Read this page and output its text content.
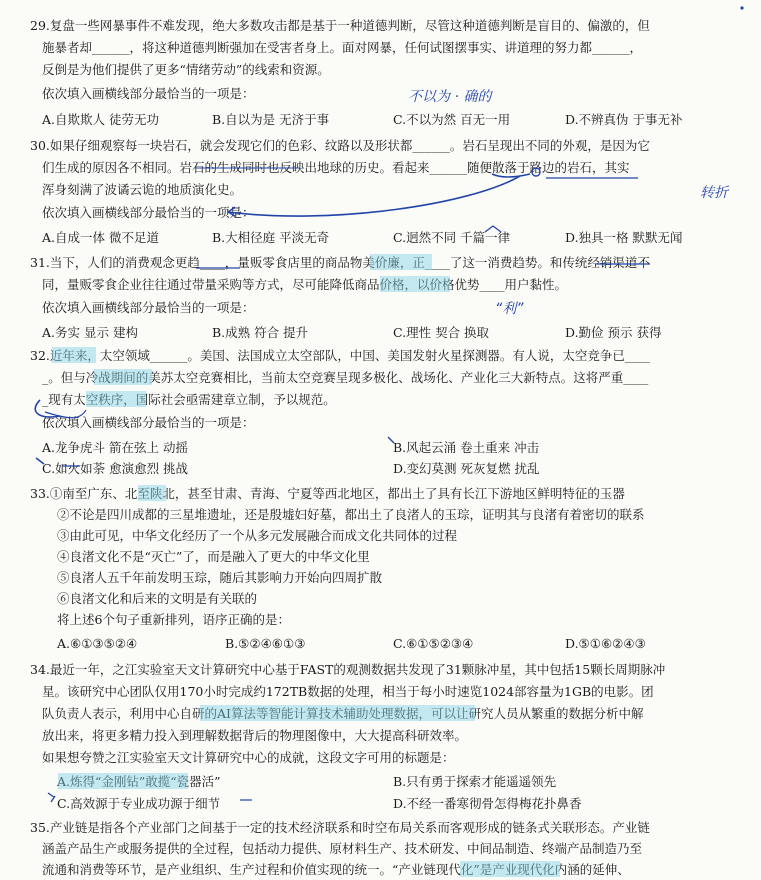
29.复盘一些网暴事件不难发现，绝大多数攻击都是基于一种道德判断，尽管这种道德判断是盲目的、偏激的，但
施暴者却______，将这种道德判断强加在受害者身上。面对网暴，任何试图摆事实、讲道理的努力都______，
反倒是为他们提供了更多“情绪劳动”的线索和资源。
依次填入画横线部分最恰当的一项是：
A.自欺欺人 徒劳无功	B.自以为是 无济于事	C.不以为然 百无一用	D.不辨真伪 于事无补
不以为 · 确的
30.如果仔细观察每一块岩石，就会发现它们的色彩、纹路以及形状都______。岩石呈现出不同的外观，是因为它
们生成的原因各不相同。岩石的生成同时也反映出地球的历史。看起来______随便散落于路边的岩石，其实
浑身刻满了波谲云诡的地质演化史。
依次填入画横线部分最恰当的一项是：
A.自成一体 微不足道	B.大相径庭 平淡无奇	C.迥然不同 千篇一律	D.独具一格 默默无闻
转折
31.当下，人们的消费观念更趋____，量贩零食店里的商品物美价廉，正____了这一消费趋势。和传统经销渠道不
同，量贩零食企业往往通过带量采购等方式，尽可能降低商品价格，以价格优势____用户黏性。
依次填入画横线部分最恰当的一项是：
A.务实 显示 建构	B.成熟 符合 提升	C.理性 契合 换取	D.勤俭 预示 获得
“利”
32.近年来，太空领域______。美国、法国成立太空部队，中国、美国发射火星探测器。有人说，太空竞争已____
_。但与冷战期间的美苏太空竞赛相比，当前太空竞赛呈现多极化、战场化、产业化三大新特点。这将严重____
_现有太空秩序，国际社会亟需建章立制，予以规范。
依次填入画横线部分最恰当的一项是：
A.龙争虎斗 箭在弦上 动摇	B.风起云涌 卷土重来 冲击
C.如火如荼 愈演愈烈 挑战	D.变幻莫测 死灰复燃 扰乱
33.①南至广东、北至陕北，甚至甘肃、青海、宁夏等西北地区，都出土了具有长江下游地区鲜明特征的玉器
②不论是四川成都的三星堆遗址，还是殷墟妇好墓，都出土了良渚人的玉琮，证明其与良渚有着密切的联系
③由此可见，中华文化经历了一个从多元发展融合而成文化共同体的过程
④良渚文化不是“灭亡”了，而是融入了更大的中华文化里
⑤良渚人五千年前发明玉琮，随后其影响力开始向四周扩散
⑥良渚文化和后来的文明是有关联的
将上述6个句子重新排列，语序正确的是：
A.⑥①③⑤②④	B.⑤②④⑥①③	C.⑥①⑤②③④	D.⑤①⑥②④③
34.最近一年，之江实验室天文计算研究中心基于FAST的观测数据共发现了31颗脉冲星，其中包括15颗长周期脉冲
星。该研究中心团队仅用170小时完成约172TB数据的处理，相当于每小时速览1024部容量为1GB的电影。团
队负责人表示，利用中心自研的AI算法等智能计算技术辅助处理数据，可以让研究人员从繁重的数据分析中解
放出来，将更多精力投入到理解数据背后的物理图像中，大大提高科研效率。
如果想夸赞之江实验室天文计算研究中心的成就，这段文字可用的标题是：
A.炼得“金刚钻”敢揽“瓷器活”	B.只有勇于探索才能遥遥领先
C.高效源于专业成功源于细节	D.不经一番寒彻骨怎得梅花扑鼻香
35.产业链是指各个产业部门之间基于一定的技术经济联系和时空布局关系而客观形成的链条式关联形态。产业链
涵盖产品生产或服务提供的全过程，包括动力提供、原材料生产、技术研发、中间品制造、终端产品制造乃至
流通和消费等环节，是产业组织、生产过程和价值实现的统一。“产业链现代化”是产业现代化内涵的延伸、
